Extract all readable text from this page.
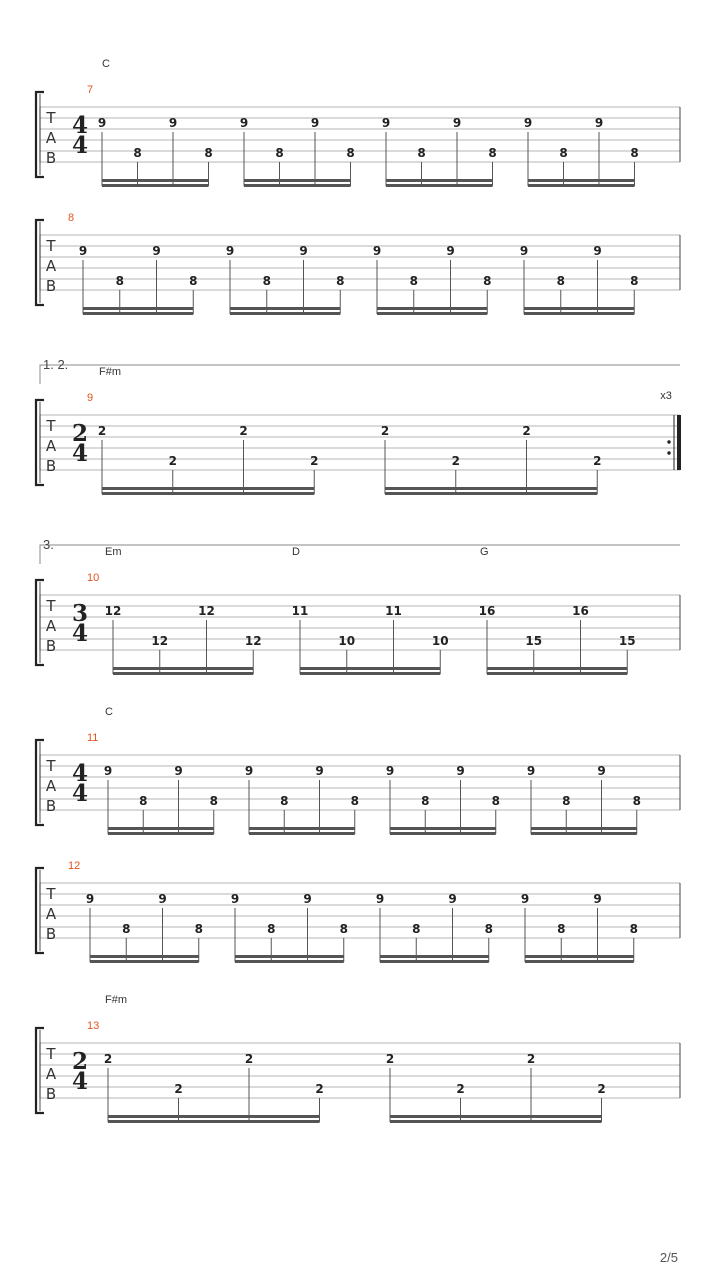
T
A
B
4
4
7
C
9
8
9
8
9
8
9
8
9
8
9
8
9
8
9
8
T
A
B
8
9
8
9
8
9
8
9
8
9
8
9
8
9
8
9
8
1. 2.
T
A
B
2
4
9
F#m
2
2
2
2
2
2
2
2
x3
3.
T
A
B
3
4
10
Em	D	G
12
12
12
12
11
10
11
10
16
15
16
15
T
A
B
4
4
11
C
9
8
9
8
9
8
9
8
9
8
9
8
9
8
9
8
T
A
B
12
9
8
9
8
9
8
9
8
9
8
9
8
9
8
9
8
T
A
B
2
4
13
F#m
2
2
2
2
2
2
2
2
2/5
